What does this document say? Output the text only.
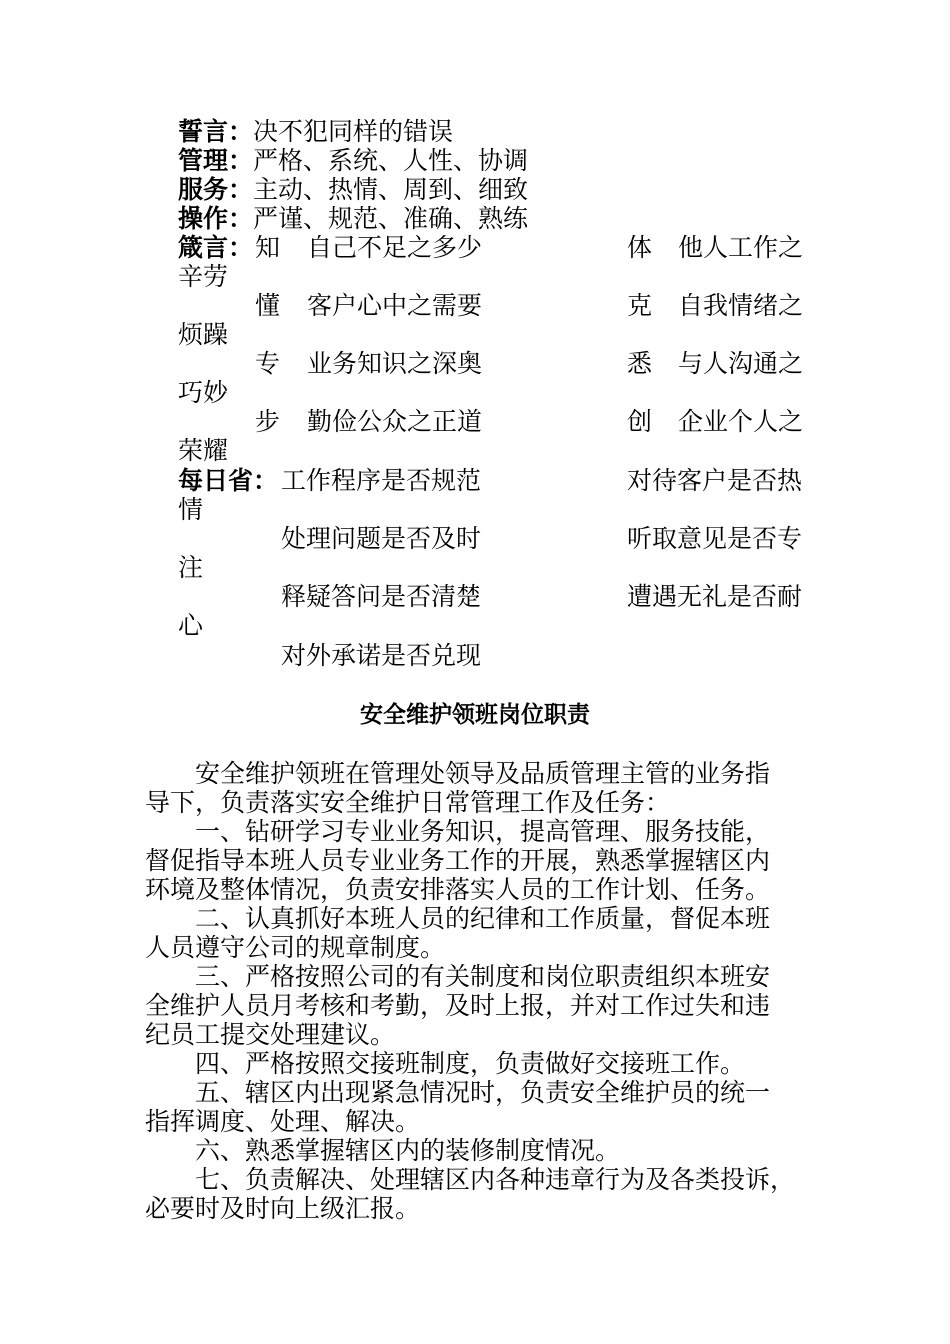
誓言：决不犯同样的错误
管理：严格、系统、人性、协调
服务：主动、热情、周到、细致
操作：严谨、规范、准确、熟练
箴言： 知 自己不足之多少	体 他人工作之
辛劳
懂 客户心中之需要	克 自我情绪之
烦躁
专 业务知识之深奥	悉 与人沟通之
巧妙
步 勤俭公众之正道	创 企业个人之
荣耀
每日省： 工作程序是否规范	对待客户是否热
情
处理问题是否及时	听取意见是否专
注
释疑答问是否清楚	遭遇无礼是否耐
心
对外承诺是否兑现
安全维护领班岗位职责
安全维护领班在管理处领导及品质管理主管的业务指
导下，负责落实安全维护日常管理工作及任务：
一、钻研学习专业业务知识，提高管理、服务技能，
督促指导本班人员专业业务工作的开展，熟悉掌握辖区内
环境及整体情况，负责安排落实人员的工作计划、任务。
二、认真抓好本班人员的纪律和工作质量，督促本班
人员遵守公司的规章制度。
三、严格按照公司的有关制度和岗位职责组织本班安
全维护人员月考核和考勤，及时上报，并对工作过失和违
纪员工提交处理建议。
四、严格按照交接班制度，负责做好交接班工作。
五、辖区内出现紧急情况时，负责安全维护员的统一
指挥调度、处理、解决。
六、熟悉掌握辖区内的装修制度情况。
七、负责解决、处理辖区内各种违章行为及各类投诉，
必要时及时向上级汇报。
